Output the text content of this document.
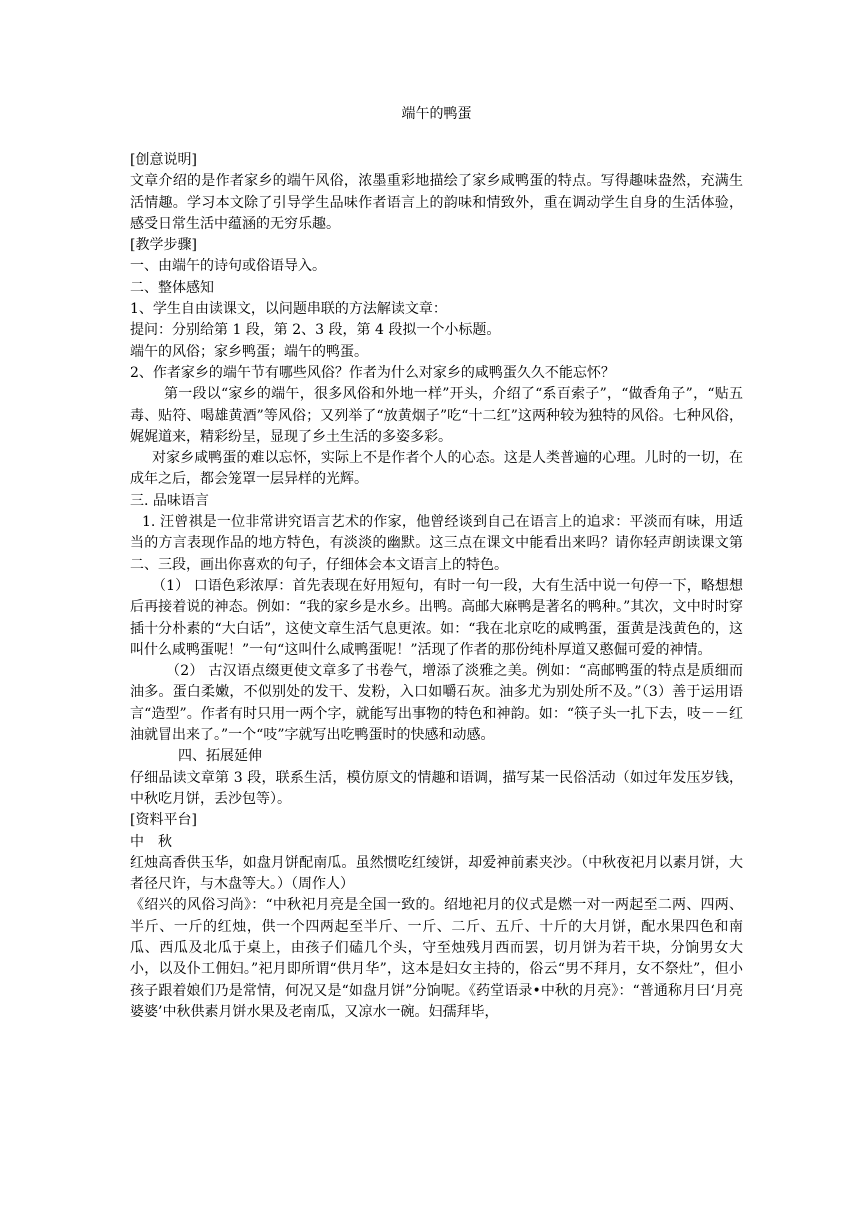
端午的鸭蛋

[创意说明]

文章介绍的是作者家乡的端午风俗，浓墨重彩地描绘了家乡咸鸭蛋的特点。写得趣味盎然，充满生活情趣。学习本文除了引导学生品味作者语言上的韵味和情致外，重在调动学生自身的生活体验，感受日常生活中蕴涵的无穷乐趣。

[教学步骤]

一、由端午的诗句或俗语导入。

二、整体感知

1、学生自由读课文，以问题串联的方法解读文章：

提问：分别给第 1 段，第 2、3 段，第 4 段拟一个小标题。

端午的风俗；家乡鸭蛋；端午的鸭蛋。

2、作者家乡的端午节有哪些风俗？作者为什么对家乡的咸鸭蛋久久不能忘怀？

第一段以“家乡的端午，很多风俗和外地一样”开头，介绍了“系百索子”，“做香角子”，“贴五毒、贴符、喝雄黄酒”等风俗；又列举了“放黄烟子”吃“十二红”这两种较为独特的风俗。七种风俗，娓娓道来，精彩纷呈，显现了乡土生活的多姿多彩。

对家乡咸鸭蛋的难以忘怀，实际上不是作者个人的心态。这是人类普遍的心理。儿时的一切，在成年之后，都会笼罩一层异样的光辉。

三. 品味语言

1. 汪曾祺是一位非常讲究语言艺术的作家，他曾经谈到自己在语言上的追求：平淡而有味，用适当的方言表现作品的地方特色，有淡淡的幽默。这三点在课文中能看出来吗？请你轻声朗读课文第二、三段，画出你喜欢的句子，仔细体会本文语言上的特色。

（1） 口语色彩浓厚：首先表现在好用短句，有时一句一段，大有生活中说一句停一下，略想想后再接着说的神态。例如：“我的家乡是水乡。出鸭。高邮大麻鸭是著名的鸭种。”其次，文中时时穿插十分朴素的“大白话”，这使文章生活气息更浓。如：“我在北京吃的咸鸭蛋，蛋黄是浅黄色的，这叫什么咸鸭蛋呢！”一句“这叫什么咸鸭蛋呢！”活现了作者的那份纯朴厚道又憨倔可爱的神情。

（2） 古汉语点缀更使文章多了书卷气，增添了淡雅之美。例如：“高邮鸭蛋的特点是质细而油多。蛋白柔嫩，不似别处的发干、发粉，入口如嚼石灰。油多尤为别处所不及。”（3）善于运用语言“造型”。作者有时只用一两个字，就能写出事物的特色和神韵。如：“筷子头一扎下去，吱－－红油就冒出来了。”一个“吱”字就写出吃鸭蛋时的快感和动感。

四、拓展延伸

仔细品读文章第 3 段，联系生活，模仿原文的情趣和语调，描写某一民俗活动（如过年发压岁钱，中秋吃月饼，丢沙包等）。

[资料平台]

中　秋

红烛高香供玉华，如盘月饼配南瓜。虽然惯吃红绫饼，却爱神前素夹沙。（中秋夜祀月以素月饼，大者径尺许，与木盘等大。）（周作人）

《绍兴的风俗习尚》：“中秋祀月亮是全国一致的。绍地祀月的仪式是燃一对一两起至二两、四两、半斤、一斤的红烛，供一个四两起至半斤、一斤、二斤、五斤、十斤的大月饼，配水果四色和南瓜、西瓜及北瓜于桌上，由孩子们磕几个头，守至烛残月西而罢，切月饼为若干块，分饷男女大小，以及仆工佣妇。”祀月即所谓“供月华”，这本是妇女主持的，俗云“男不拜月，女不祭灶”，但小孩子跟着娘们乃是常情，何况又是“如盘月饼”分饷呢。《药堂语录•中秋的月亮》：“普通称月曰‘月亮婆婆’中秋供素月饼水果及老南瓜，又凉水一碗。妇孺拜毕，
